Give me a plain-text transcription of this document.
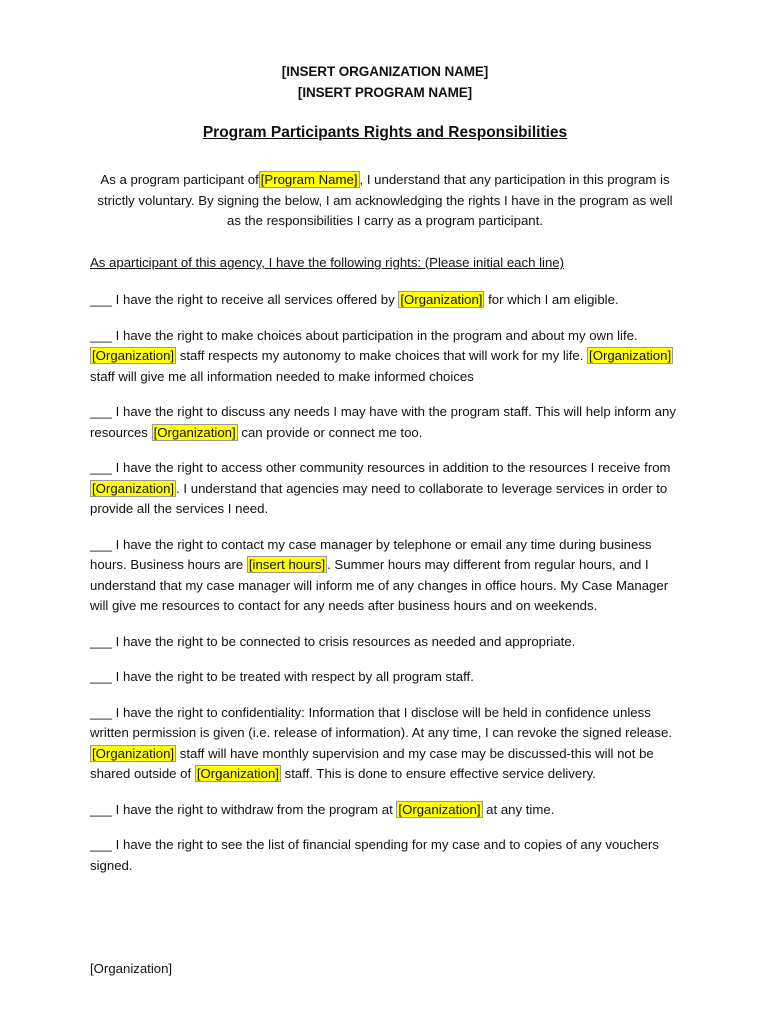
[INSERT ORGANIZATION NAME]
[INSERT PROGRAM NAME]
Program Participants Rights and Responsibilities
As a program participant of [Program Name] , I understand that any participation in this program is strictly voluntary. By signing the below, I am acknowledging the rights I have in the program as well as the responsibilities I carry as a program participant.
As aparticipant of this agency, I have the following rights: (Please initial each line)

___ I have the right to receive all services offered by [Organization] for which I am eligible.

___ I have the right to make choices about participation in the program and about my own life. [Organization] staff respects my autonomy to make choices that will work for my life. [Organization] staff will give me all information needed to make informed choices

___ I have the right to discuss any needs I may have with the program staff. This will help inform any resources [Organization] can provide or connect me too.

___ I have the right to access other community resources in addition to the resources I receive from [Organization] . I understand that agencies may need to collaborate to leverage services in order to provide all the services I need.

___ I have the right to contact my case manager by telephone or email any time during business hours. Business hours are [insert hours] . Summer hours may different from regular hours, and I understand that my case manager will inform me of any changes in office hours. My Case Manager will give me resources to contact for any needs after business hours and on weekends.

___ I have the right to be connected to crisis resources as needed and appropriate.

___ I have the right to be treated with respect by all program staff.

___ I have the right to confidentiality: Information that I disclose will be held in confidence unless written permission is given (i.e. release of information). At any time, I can revoke the signed release. [Organization] staff will have monthly supervision and my case may be discussed-this will not be shared outside of [Organization] staff. This is done to ensure effective service delivery.

___ I have the right to withdraw from the program at [Organization] at any time.

___ I have the right to see the list of financial spending for my case and to copies of any vouchers signed.

[Organization]
